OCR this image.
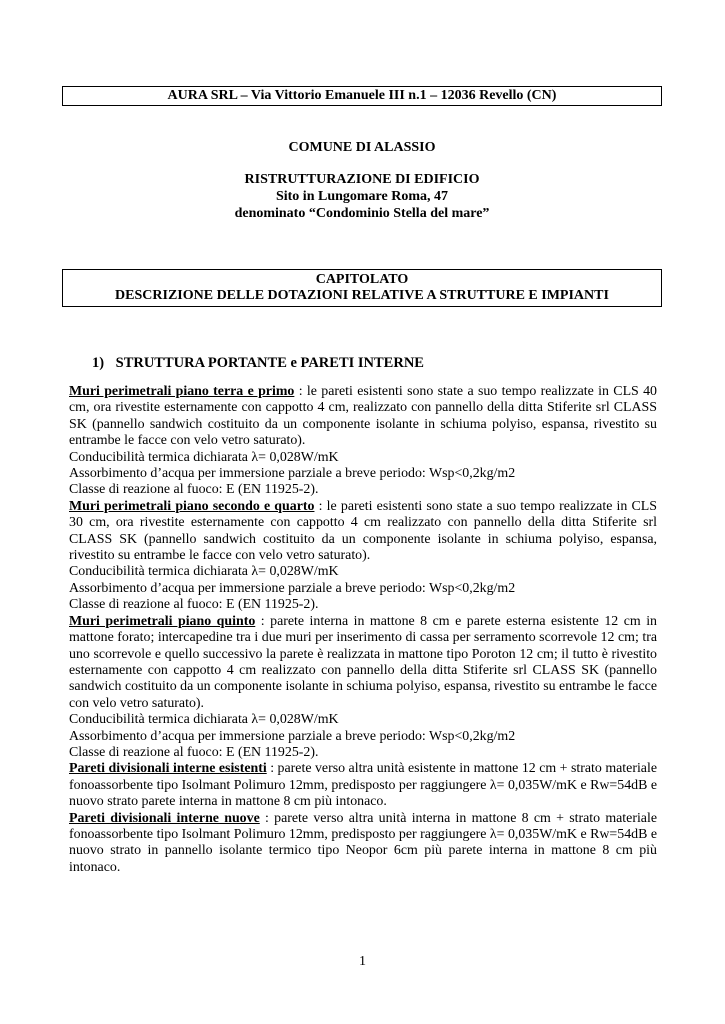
AURA SRL – Via Vittorio Emanuele III n.1 – 12036 Revello (CN)
COMUNE DI ALASSIO
RISTRUTTURAZIONE DI EDIFICIO
Sito in Lungomare Roma, 47
denominato “Condominio Stella del mare”
CAPITOLATO
DESCRIZIONE DELLE DOTAZIONI RELATIVE A STRUTTURE E IMPIANTI
1) STRUTTURA PORTANTE e PARETI INTERNE

Muri perimetrali piano terra e primo : le pareti esistenti sono state a suo tempo realizzate in CLS 40 cm, ora rivestite esternamente con cappotto 4 cm, realizzato con pannello della ditta Stiferite srl CLASS SK (pannello sandwich costituito da un componente isolante in schiuma polyiso, espansa, rivestito su entrambe le facce con velo vetro saturato).

Conducibilità termica dichiarata λ= 0,028W/mK

Assorbimento d’acqua per immersione parziale a breve periodo: Wsp<0,2kg/m2

Classe di reazione al fuoco: E (EN 11925-2).

Muri perimetrali piano secondo e quarto : le pareti esistenti sono state a suo tempo realizzate in CLS 30 cm, ora rivestite esternamente con cappotto 4 cm realizzato con pannello della ditta Stiferite srl CLASS SK (pannello sandwich costituito da un componente isolante in schiuma polyiso, espansa, rivestito su entrambe le facce con velo vetro saturato).

Conducibilità termica dichiarata λ= 0,028W/mK

Assorbimento d’acqua per immersione parziale a breve periodo: Wsp<0,2kg/m2

Classe di reazione al fuoco: E (EN 11925-2).

Muri perimetrali piano quinto : parete interna in mattone 8 cm e parete esterna esistente 12 cm in mattone forato; intercapedine tra i due muri per inserimento di cassa per serramento scorrevole 12 cm; tra uno scorrevole e quello successivo la parete è realizzata in mattone tipo Poroton 12 cm; il tutto è rivestito esternamente con cappotto 4 cm realizzato con pannello della ditta Stiferite srl CLASS SK (pannello sandwich costituito da un componente isolante in schiuma polyiso, espansa, rivestito su entrambe le facce con velo vetro saturato).

Conducibilità termica dichiarata λ= 0,028W/mK

Assorbimento d’acqua per immersione parziale a breve periodo: Wsp<0,2kg/m2

Classe di reazione al fuoco: E (EN 11925-2).

Pareti divisionali interne esistenti : parete verso altra unità esistente in mattone 12 cm + strato materiale fonoassorbente tipo Isolmant Polimuro 12mm, predisposto per raggiungere λ= 0,035W/mK e Rw=54dB e nuovo strato parete interna in mattone 8 cm più intonaco.

Pareti divisionali interne nuove : parete verso altra unità interna in mattone 8 cm + strato materiale fonoassorbente tipo Isolmant Polimuro 12mm, predisposto per raggiungere λ= 0,035W/mK e Rw=54dB e nuovo strato in pannello isolante termico tipo Neopor 6cm più parete interna in mattone 8 cm più intonaco.

1
